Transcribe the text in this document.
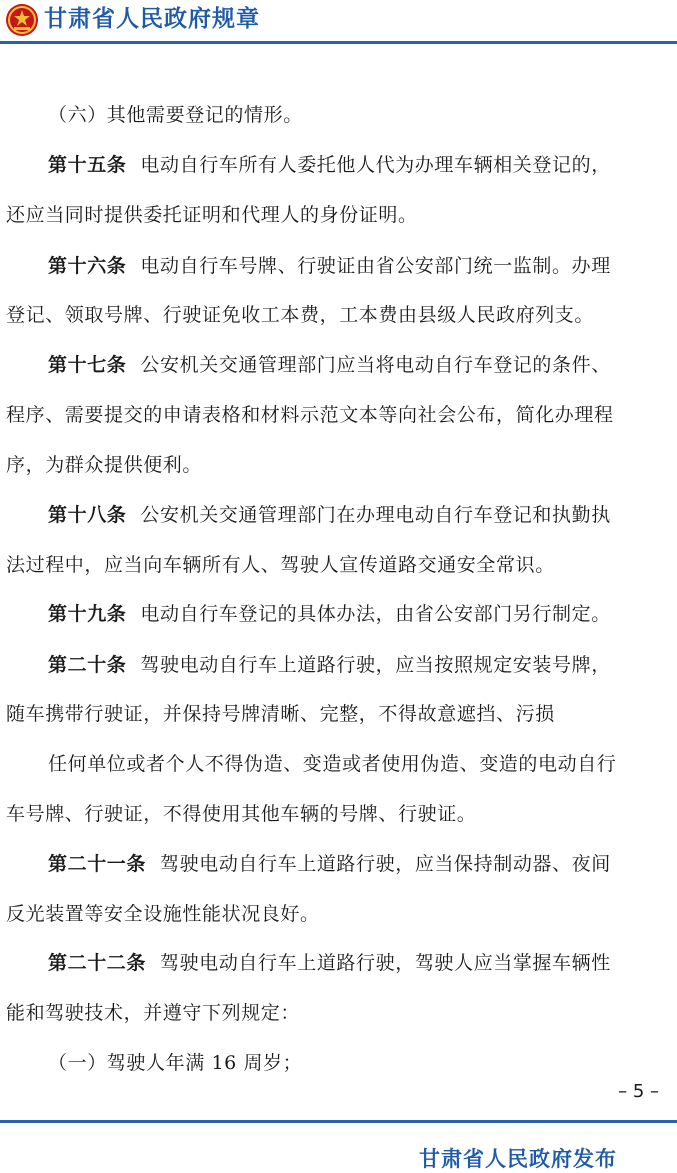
甘肃省人民政府规章
（六）其他需要登记的情形。
第十五条 电动自行车所有人委托他人代为办理车辆相关登记的，
还应当同时提供委托证明和代理人的身份证明。
第十六条 电动自行车号牌、行驶证由省公安部门统一监制。办理
登记、领取号牌、行驶证免收工本费，工本费由县级人民政府列支。
第十七条 公安机关交通管理部门应当将电动自行车登记的条件、
程序、需要提交的申请表格和材料示范文本等向社会公布，简化办理程
序，为群众提供便利。
第十八条 公安机关交通管理部门在办理电动自行车登记和执勤执
法过程中，应当向车辆所有人、驾驶人宣传道路交通安全常识。
第十九条 电动自行车登记的具体办法，由省公安部门另行制定。
第二十条 驾驶电动自行车上道路行驶，应当按照规定安装号牌，
随车携带行驶证，并保持号牌清晰、完整，不得故意遮挡、污损
任何单位或者个人不得伪造、变造或者使用伪造、变造的电动自行
车号牌、行驶证，不得使用其他车辆的号牌、行驶证。
第二十一条 驾驶电动自行车上道路行驶，应当保持制动器、夜间
反光装置等安全设施性能状况良好。
第二十二条 驾驶电动自行车上道路行驶，驾驶人应当掌握车辆性
能和驾驶技术，并遵守下列规定：
（一）驾驶人年满 16 周岁；
– 5 –
甘肃省人民政府发布
